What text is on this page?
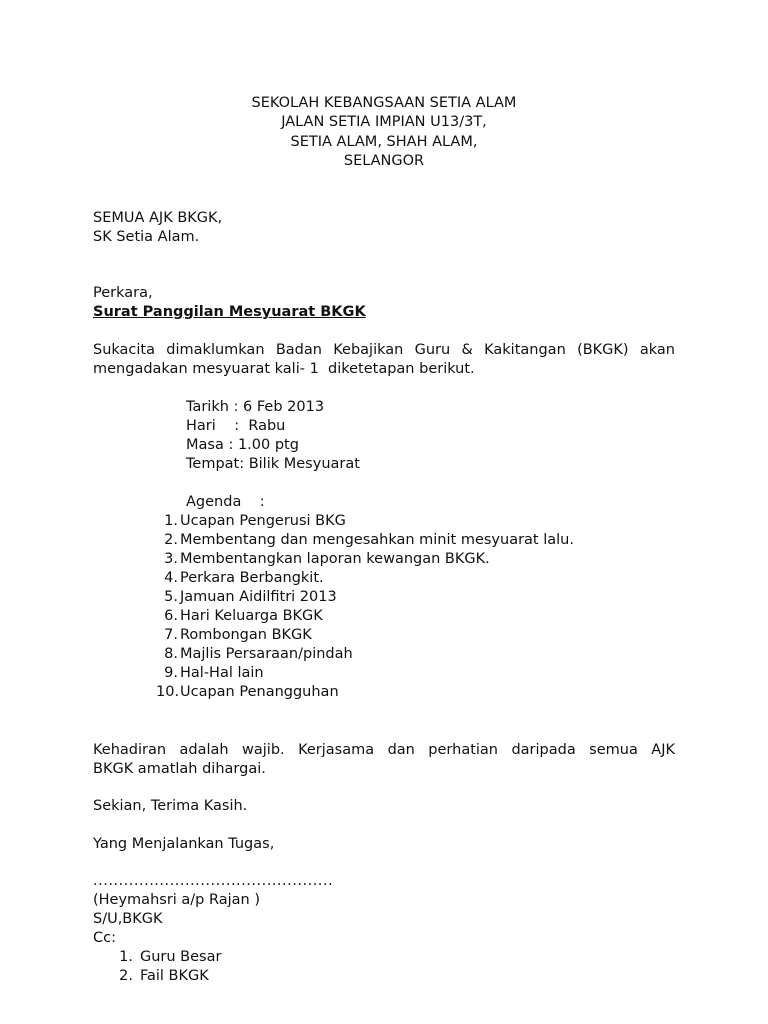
SEKOLAH KEBANGSAAN SETIA ALAM
JALAN SETIA IMPIAN U13/3T,
SETIA ALAM, SHAH ALAM,
SELANGOR
SEMUA AJK BKGK,
SK Setia Alam.
Perkara,
Surat Panggilan Mesyuarat BKGK
Sukacita dimaklumkan Badan Kebajikan Guru & Kakitangan (BKGK) akan
mengadakan mesyuarat kali- 1  diketetapan berikut.
Tarikh : 6 Feb 2013
Hari    :  Rabu
Masa : 1.00 ptg
Tempat: Bilik Mesyuarat
Agenda    :
1. Ucapan Pengerusi BKG
2. Membentang dan mengesahkan minit mesyuarat lalu.
3. Membentangkan laporan kewangan BKGK.
4. Perkara Berbangkit.
5. Jamuan Aidilfitri 2013
6. Hari Keluarga BKGK
7. Rombongan BKGK
8. Majlis Persaraan/pindah
9. Hal-Hal lain
10. Ucapan Penangguhan
Kehadiran adalah wajib. Kerjasama dan perhatian daripada semua AJK
BKGK amatlah dihargai.
Sekian, Terima Kasih.
Yang Menjalankan Tugas,
...............................................
(Heymahsri a/p Rajan )
S/U,BKGK
Cc:
1. Guru Besar
2. Fail BKGK
